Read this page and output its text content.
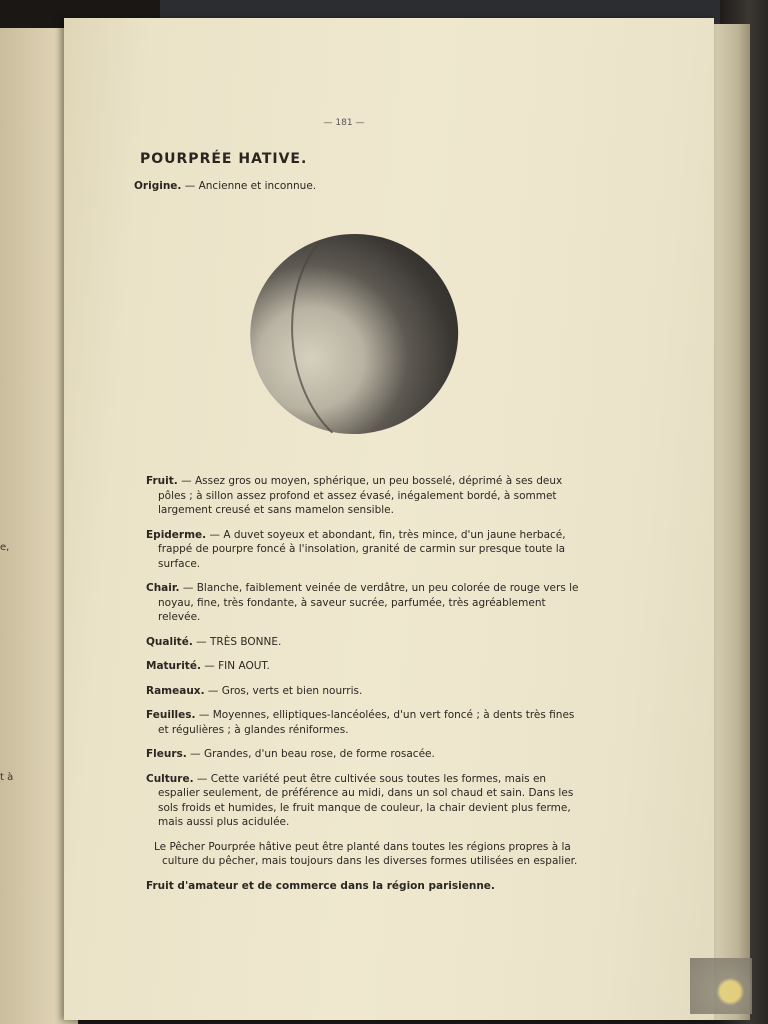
e,
t à
— 181 —
POURPRÉE HATIVE.
Origine. — Ancienne et inconnue.

Fruit. — Assez gros ou moyen, sphérique, un peu bosselé, déprimé à ses deux pôles ; à sillon assez profond et assez évasé, inégalement bordé, à sommet largement creusé et sans mamelon sensible.

Epiderme. — A duvet soyeux et abondant, fin, très mince, d'un jaune herbacé, frappé de pourpre foncé à l'insolation, granité de carmin sur presque toute la surface.

Chair. — Blanche, faiblement veinée de verdâtre, un peu colorée de rouge vers le noyau, fine, très fondante, à saveur sucrée, parfumée, très agréablement relevée.

Qualité. — TRÈS BONNE.

Maturité. — FIN AOUT.

Rameaux. — Gros, verts et bien nourris.

Feuilles. — Moyennes, elliptiques-lancéolées, d'un vert foncé ; à dents très fines et régulières ; à glandes réniformes.

Fleurs. — Grandes, d'un beau rose, de forme rosacée.

Culture. — Cette variété peut être cultivée sous toutes les formes, mais en espalier seulement, de préférence au midi, dans un sol chaud et sain. Dans les sols froids et humides, le fruit manque de couleur, la chair devient plus ferme, mais aussi plus acidulée.

Le Pêcher Pourprée hâtive peut être planté dans toutes les régions propres à la culture du pêcher, mais toujours dans les diverses formes utilisées en espalier.

Fruit d'amateur et de commerce dans la région parisienne.
